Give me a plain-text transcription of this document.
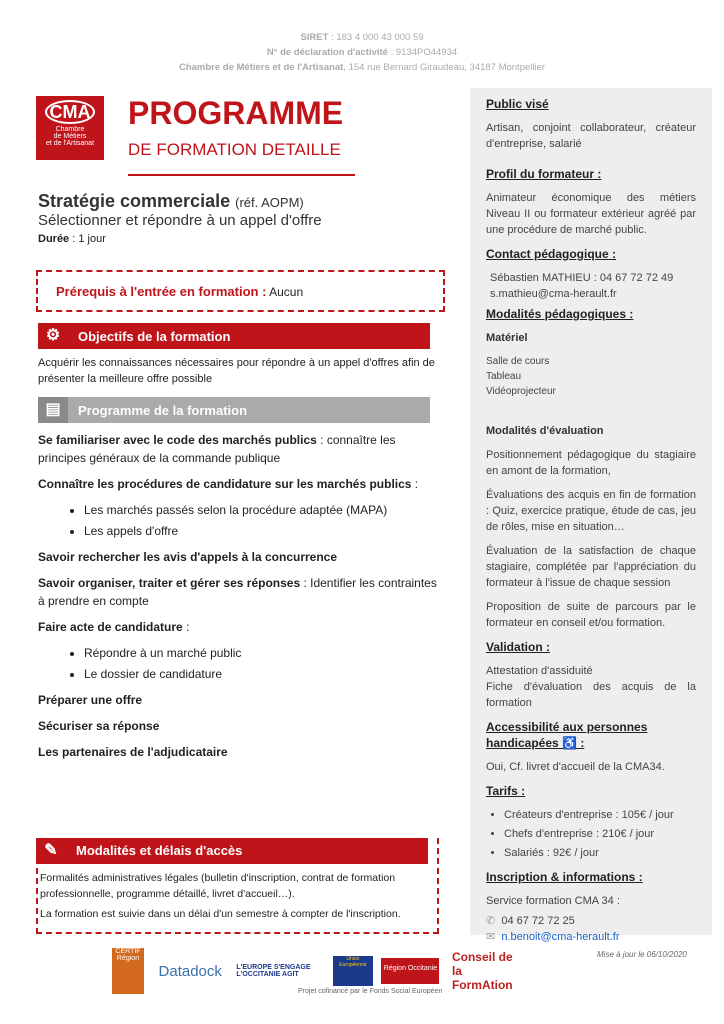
SIRET : 183 4 000 43 000 59
N° de déclaration d'activité : 9134PO44934
Chambre de Métiers et de l'Artisanat, 154 rue Bernard Giraudeau, 34187 Montpellier
CMA
Chambre
de Métiers
et de l'Artisanat
PROGRAMME
DE FORMATION DETAILLE
Stratégie commerciale (réf. AOPM)
Sélectionner et répondre à un appel d'offre
Durée : 1 jour
Prérequis à l'entrée en formation : Aucun
⚙	Objectifs de la formation
Acquérir les connaissances nécessaires pour répondre à un appel d'offres afin de présenter la meilleure offre possible
▤	Programme de la formation

Se familiariser avec le code des marchés publics : connaître les principes généraux de la commande publique

Connaître les procédures de candidature sur les marchés publics :

• Les marchés passés selon la procédure adaptée (MAPA)
• Les appels d'offre

Savoir rechercher les avis d'appels à la concurrence

Savoir organiser, traiter et gérer ses réponses : Identifier les contraintes à prendre en compte

Faire acte de candidature :

• Répondre à un marché public
• Le dossier de candidature

Préparer une offre

Sécuriser sa réponse

Les partenaires de l'adjudicataire

✎	Modalités et délais d'accès

Formalités administratives légales (bulletin d'inscription, contrat de formation professionnelle, programme détaillé, livret d'accueil…).

La formation est suivie dans un délai d'un semestre à compter de l'inscription.

Public visé

Artisan, conjoint collaborateur, créateur d'entreprise, salarié

Profil du formateur :

Animateur économique des métiers Niveau II ou formateur extérieur agréé par une procédure de marché public.

Contact pédagogique :
Sébastien MATHIEU : 04 67 72 72 49
s.mathieu@cma-herault.fr
Modalités pédagogiques :
Matériel
Salle de cours
Tableau
Vidéoprojecteur
Modalités d'évaluation

Positionnement pédagogique du stagiaire en amont de la formation,

Évaluations des acquis en fin de formation : Quiz, exercice pratique, étude de cas, jeu de rôles, mise en situation…

Évaluation de la satisfaction de chaque stagiaire, complétée par l'appréciation du formateur à l'issue de chaque session

Proposition de suite de parcours par le formateur en conseil et/ou formation.

Validation :
Attestation d'assiduité

Fiche d'évaluation des acquis de la formation

Accessibilité aux personnes handicapées ♿ :

Oui, Cf. livret d'accueil de la CMA34.

Tarifs :
• Créateurs d'entreprise : 105€ / jour
• Chefs d'entreprise : 210€ / jour
• Salariés : 92€ / jour
Inscription & informations :
Service formation CMA 34 :
✆ 04 67 72 72 25
✉ n.benoit@cma-herault.fr
CERTIF Région Datadock L'EUROPE S'ENGAGE L'OCCITANIE AGIT Union Européenne Région Occitanie Conseil de la FormAtion
Projet cofinancé par le Fonds Social Européen
Mise à jour le 06/10/2020
